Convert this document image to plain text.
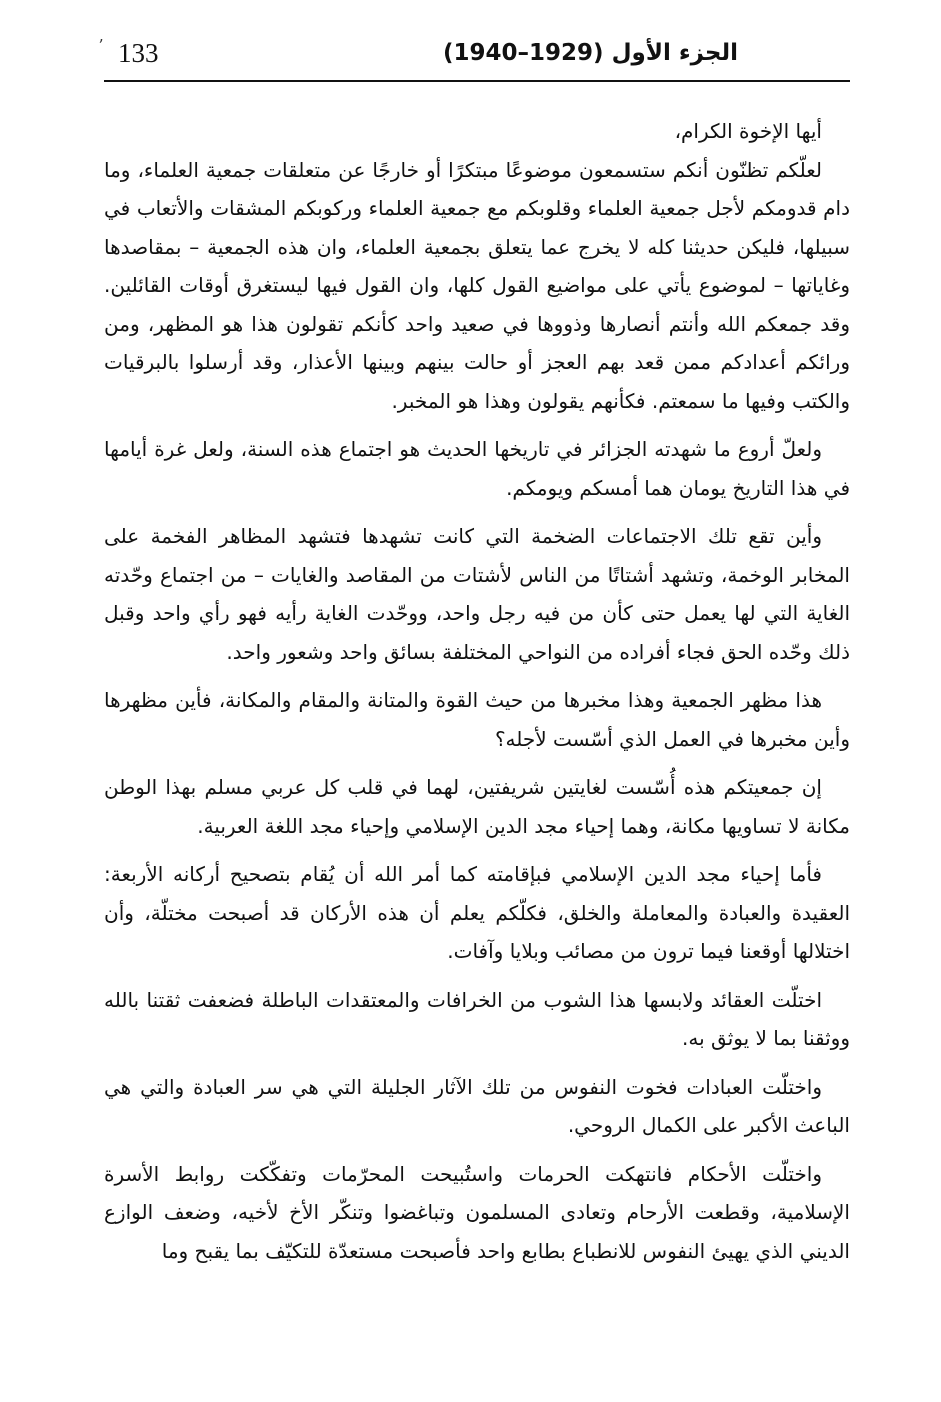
ʼ 133	الجزء الأول (1929–1940)

أيها الإخوة الكرام،

لعلّكم تظنّون أنكم ستسمعون موضوعًا مبتكرًا أو خارجًا عن متعلقات جمعية العلماء، وما دام قدومكم لأجل جمعية العلماء وقلوبكم مع جمعية العلماء وركوبكم المشقات والأتعاب في سبيلها، فليكن حديثنا كله لا يخرج عما يتعلق بجمعية العلماء، وان هذه الجمعية – بمقاصدها وغاياتها – لموضوع يأتي على مواضيع القول كلها، وان القول فيها ليستغرق أوقات القائلين. وقد جمعكم الله وأنتم أنصارها وذووها في صعيد واحد كأنكم تقولون هذا هو المظهر، ومن ورائكم أعدادكم ممن قعد بهم العجز أو حالت بينهم وبينها الأعذار، وقد أرسلوا بالبرقيات والكتب وفيها ما سمعتم. فكأنهم يقولون وهذا هو المخبر.

ولعلّ أروع ما شهدته الجزائر في تاريخها الحديث هو اجتماع هذه السنة، ولعل غرة أيامها في هذا التاريخ يومان هما أمسكم ويومكم.

وأين تقع تلك الاجتماعات الضخمة التي كانت تشهدها فتشهد المظاهر الفخمة على المخابر الوخمة، وتشهد أشتاتًا من الناس لأشتات من المقاصد والغايات – من اجتماع وحّدته الغاية التي لها يعمل حتى كأن من فيه رجل واحد، ووحّدت الغاية رأيه فهو رأي واحد وقبل ذلك وحّده الحق فجاء أفراده من النواحي المختلفة بسائق واحد وشعور واحد.

هذا مظهر الجمعية وهذا مخبرها من حيث القوة والمتانة والمقام والمكانة، فأين مظهرها وأين مخبرها في العمل الذي أسّست لأجله؟

إن جمعيتكم هذه أُسّست لغايتين شريفتين، لهما في قلب كل عربي مسلم بهذا الوطن مكانة لا تساويها مكانة، وهما إحياء مجد الدين الإسلامي وإحياء مجد اللغة العربية.

فأما إحياء مجد الدين الإسلامي فبإقامته كما أمر الله أن يُقام بتصحيح أركانه الأربعة: العقيدة والعبادة والمعاملة والخلق، فكلّكم يعلم أن هذه الأركان قد أصبحت مختلّة، وأن اختلالها أوقعنا فيما ترون من مصائب وبلايا وآفات.

اختلّت العقائد ولابسها هذا الشوب من الخرافات والمعتقدات الباطلة فضعفت ثقتنا بالله ووثقنا بما لا يوثق به.

واختلّت العبادات فخوت النفوس من تلك الآثار الجليلة التي هي سر العبادة والتي هي الباعث الأكبر على الكمال الروحي.

واختلّت الأحكام فانتهكت الحرمات واستُبيحت المحرّمات وتفكّكت روابط الأسرة الإسلامية، وقطعت الأرحام وتعادى المسلمون وتباغضوا وتنكّر الأخ لأخيه، وضعف الوازع الديني الذي يهيئ النفوس للانطباع بطابع واحد فأصبحت مستعدّة للتكيّف بما يقبح وما
